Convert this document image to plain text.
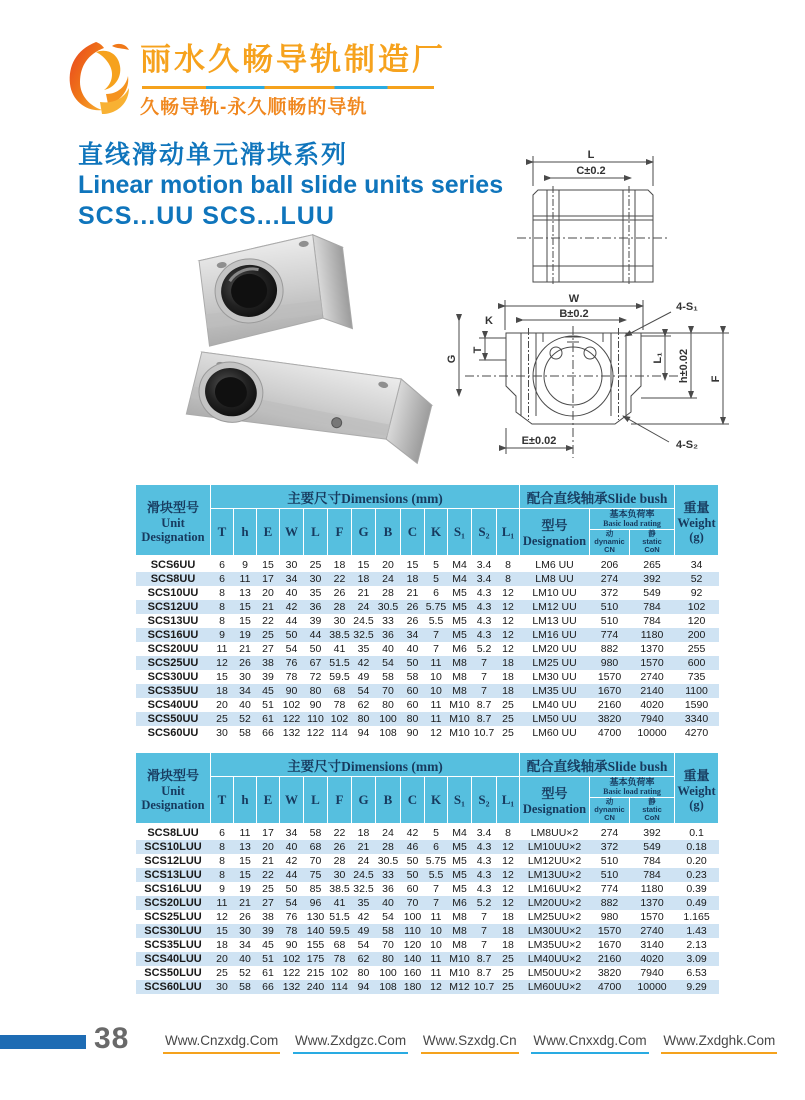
丽水久畅导轨制造厂
久畅导轨-永久顺畅的导轨
直线滑动单元滑块系列
Linear motion ball slide units series
SCS...UU SCS...LUU
L
C±0.2
W
B±0.2
K
G
T
L₁ h±0.02 F
E±0.02
4-S₁
4-S₂
滑块型号
Unit
Designation
	主要尺寸Dimensions (mm)	配合直线轴承Slide bush	
重量
Weight
(g)

T	h	E	W	L	F	G	B	C	K	S₁	S₂	L₁	型号
Designation

基本负荷率
Basic load rating

动
dynamic
CN

静
static
CoN

SCS6UU	6	9	15	30	25	18	15	20	15	5	M4	3.4	8	LM6 UU	206	265	34
SCS8UU	6	11	17	34	30	22	18	24	18	5	M4	3.4	8	LM8 UU	274	392	52
SCS10UU	8	13	20	40	35	26	21	28	21	6	M5	4.3	12	LM10 UU	372	549	92
SCS12UU	8	15	21	42	36	28	24	30.5	26	5.75	M5	4.3	12	LM12 UU	510	784	102
SCS13UU	8	15	22	44	39	30	24.5	33	26	5.5	M5	4.3	12	LM13 UU	510	784	120
SCS16UU	9	19	25	50	44	38.5	32.5	36	34	7	M5	4.3	12	LM16 UU	774	1180	200
SCS20UU	11	21	27	54	50	41	35	40	40	7	M6	5.2	12	LM20 UU	882	1370	255
SCS25UU	12	26	38	76	67	51.5	42	54	50	11	M8	7	18	LM25 UU	980	1570	600
SCS30UU	15	30	39	78	72	59.5	49	58	58	10	M8	7	18	LM30 UU	1570	2740	735
SCS35UU	18	34	45	90	80	68	54	70	60	10	M8	7	18	LM35 UU	1670	2140	1100
SCS40UU	20	40	51	102	90	78	62	80	60	11	M10	8.7	25	LM40 UU	2160	4020	1590
SCS50UU	25	52	61	122	110	102	80	100	80	11	M10	8.7	25	LM50 UU	3820	7940	3340
SCS60UU	30	58	66	132	122	114	94	108	90	12	M10	10.7	25	LM60 UU	4700	10000	4270
滑块型号
Unit
Designation
	主要尺寸Dimensions (mm)	配合直线轴承Slide bush	
重量
Weight
(g)

T	h	E	W	L	F	G	B	C	K	S₁	S₂	L₁	型号
Designation

基本负荷率
Basic load rating

动
dynamic
CN

静
static
CoN

SCS8LUU	6	11	17	34	58	22	18	24	42	5	M4	3.4	8	LM8UU×2	274	392	0.1
SCS10LUU	8	13	20	40	68	26	21	28	46	6	M5	4.3	12	LM10UU×2	372	549	0.18
SCS12LUU	8	15	21	42	70	28	24	30.5	50	5.75	M5	4.3	12	LM12UU×2	510	784	0.20
SCS13LUU	8	15	22	44	75	30	24.5	33	50	5.5	M5	4.3	12	LM13UU×2	510	784	0.23
SCS16LUU	9	19	25	50	85	38.5	32.5	36	60	7	M5	4.3	12	LM16UU×2	774	1180	0.39
SCS20LUU	11	21	27	54	96	41	35	40	70	7	M6	5.2	12	LM20UU×2	882	1370	0.49
SCS25LUU	12	26	38	76	130	51.5	42	54	100	11	M8	7	18	LM25UU×2	980	1570	1.165
SCS30LUU	15	30	39	78	140	59.5	49	58	110	10	M8	7	18	LM30UU×2	1570	2740	1.43
SCS35LUU	18	34	45	90	155	68	54	70	120	10	M8	7	18	LM35UU×2	1670	3140	2.13
SCS40LUU	20	40	51	102	175	78	62	80	140	11	M10	8.7	25	LM40UU×2	2160	4020	3.09
SCS50LUU	25	52	61	122	215	102	80	100	160	11	M10	8.7	25	LM50UU×2	3820	7940	6.53
SCS60LUU	30	58	66	132	240	114	94	108	180	12	M12	10.7	25	LM60UU×2	4700	10000	9.29
38	Www.Cnzxdg.Com Www.Zxdgzc.Com Www.Szxdg.Cn Www.Cnxxdg.Com Www.Zxdghk.Com
